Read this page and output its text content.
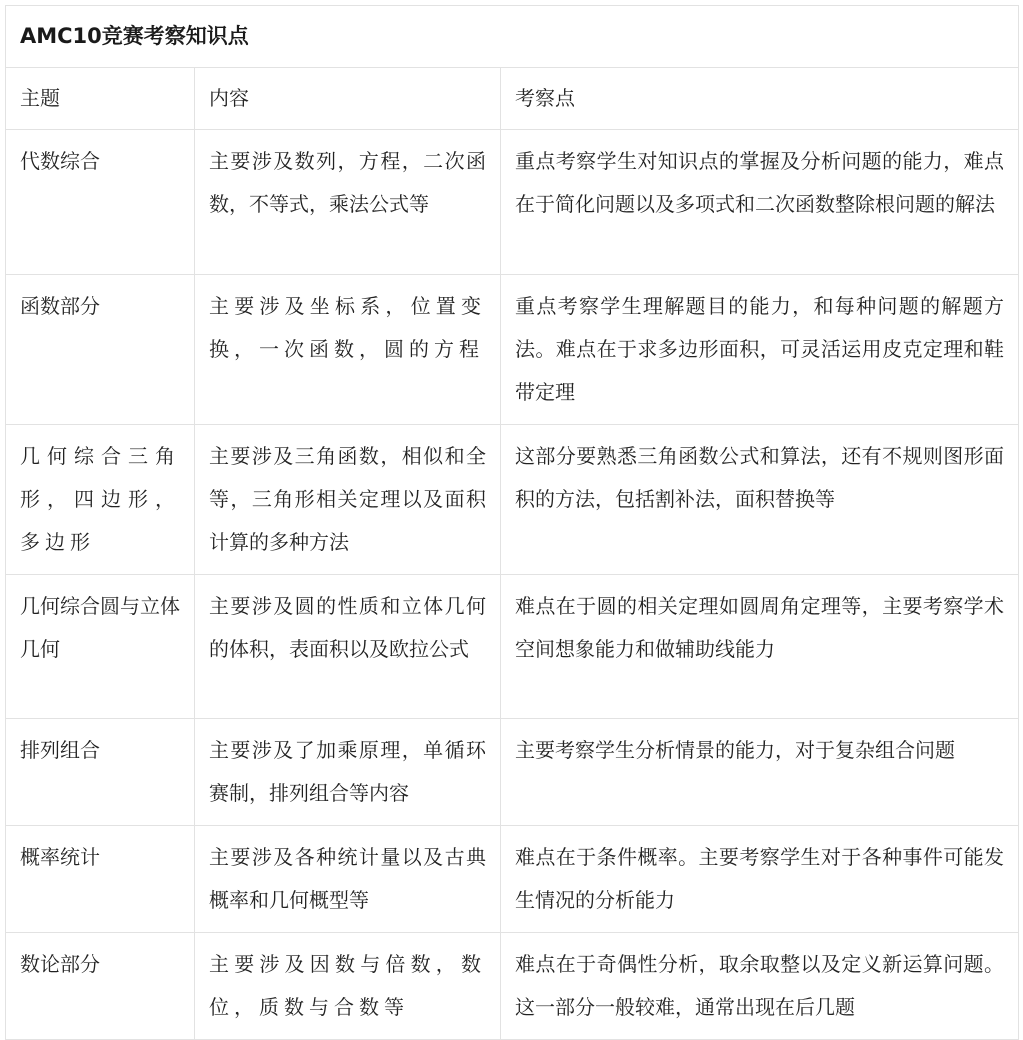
AMC10竞赛考察知识点		
主题	内容	考察点
代数综合	主要涉及数列，方程，二次函数，不等式，乘法公式等	重点考察学生对知识点的掌握及分析问题的能力，难点在于简化问题以及多项式和二次函数整除根问题的解法
函数部分	主要涉及坐标系，位置变换，一次函数，圆的方程	重点考察学生理解题目的能力，和每种问题的解题方法。难点在于求多边形面积，可灵活运用皮克定理和鞋带定理
几何综合三角形，四边形，多边形	主要涉及三角函数，相似和全等，三角形相关定理以及面积计算的多种方法	这部分要熟悉三角函数公式和算法，还有不规则图形面积的方法，包括割补法，面积替换等
几何综合圆与立体几何	主要涉及圆的性质和立体几何的体积，表面积以及欧拉公式	难点在于圆的相关定理如圆周角定理等，主要考察学术空间想象能力和做辅助线能力
排列组合	主要涉及了加乘原理，单循环赛制，排列组合等内容	主要考察学生分析情景的能力，对于复杂组合问题
概率统计	主要涉及各种统计量以及古典概率和几何概型等	难点在于条件概率。主要考察学生对于各种事件可能发生情况的分析能力
数论部分	主要涉及因数与倍数，数位，质数与合数等	难点在于奇偶性分析，取余取整以及定义新运算问题。这一部分一般较难，通常出现在后几题
